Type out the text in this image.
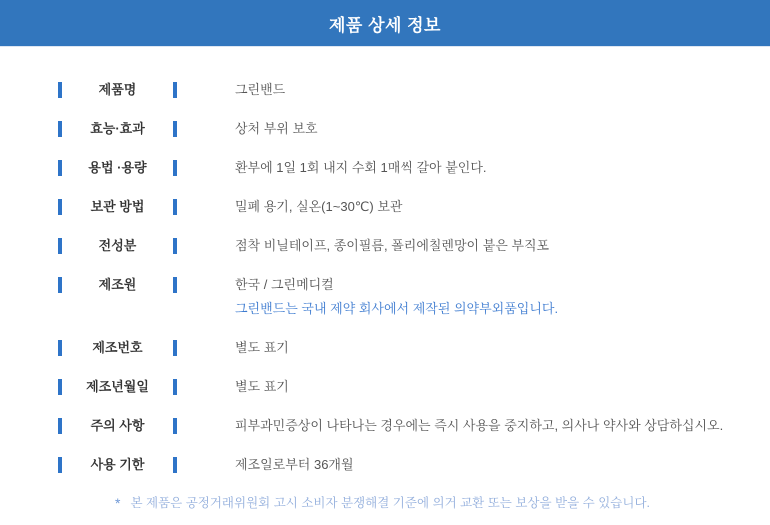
제품 상세 정보
제품명	그린밴드
효능·효과	상처 부위 보호
용법 ·용량	환부에 1일 1회 내지 수회 1매씩 갈아 붙인다.
보관 방법	밀폐 용기, 실온(1~30℃) 보관
전성분	점착 비닐테이프, 종이필름, 폴리에칠렌망이 붙은 부직포
제조원	한국 / 그린메디컬
그린밴드는 국내 제약 회사에서 제작된 의약부외품입니다.
제조번호	별도 표기
제조년월일	별도 표기
주의 사항	피부과민증상이 나타나는 경우에는 즉시 사용을 중지하고, 의사나 약사와 상담하십시오.
사용 기한	제조일로부터 36개월
* 본 제품은 공정거래위원회 고시 소비자 분쟁해결 기준에 의거 교환 또는 보상을 받을 수 있습니다.
